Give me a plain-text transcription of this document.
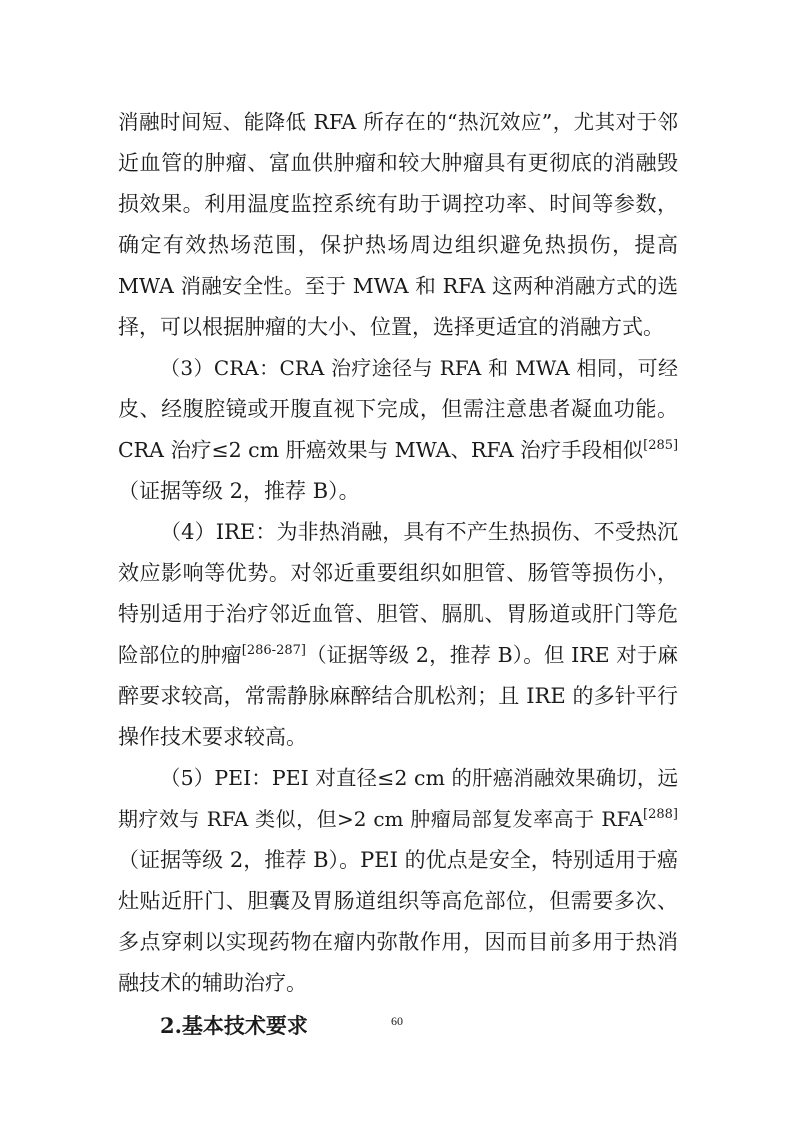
消融时间短、能降低 RFA 所存在的“热沉效应”，尤其对于邻
近血管的肿瘤、富血供肿瘤和较大肿瘤具有更彻底的消融毁
损效果。利用温度监控系统有助于调控功率、时间等参数，
确定有效热场范围，保护热场周边组织避免热损伤，提高
MWA 消融安全性。至于 MWA 和 RFA 这两种消融方式的选
择，可以根据肿瘤的大小、位置，选择更适宜的消融方式。
（3）CRA：CRA 治疗途径与 RFA 和 MWA 相同，可经
皮、经腹腔镜或开腹直视下完成，但需注意患者凝血功能。
CRA 治疗≤2 cm 肝癌效果与 MWA、RFA 治疗手段相似[285]
（证据等级 2，推荐 B）。
（4）IRE：为非热消融，具有不产生热损伤、不受热沉
效应影响等优势。对邻近重要组织如胆管、肠管等损伤小，
特别适用于治疗邻近血管、胆管、膈肌、胃肠道或肝门等危
险部位的肿瘤[286-287]（证据等级 2，推荐 B）。但 IRE 对于麻
醉要求较高，常需静脉麻醉结合肌松剂；且 IRE 的多针平行
操作技术要求较高。
（5）PEI：PEI 对直径≤2 cm 的肝癌消融效果确切，远
期疗效与 RFA 类似，但>2 cm 肿瘤局部复发率高于 RFA[288]
（证据等级 2，推荐 B）。PEI 的优点是安全，特别适用于癌
灶贴近肝门、胆囊及胃肠道组织等高危部位，但需要多次、
多点穿刺以实现药物在瘤内弥散作用，因而目前多用于热消
融技术的辅助治疗。
2.基本技术要求	60
